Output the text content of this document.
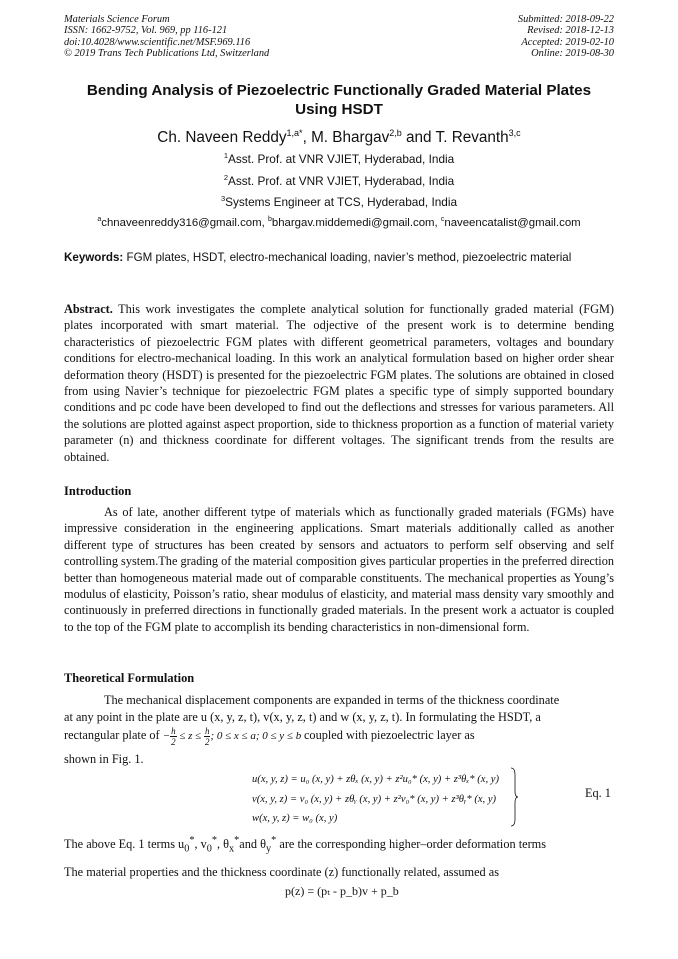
Materials Science Forum
ISSN: 1662-9752, Vol. 969, pp 116-121
doi:10.4028/www.scientific.net/MSF.969.116
© 2019 Trans Tech Publications Ltd, Switzerland
Submitted: 2018-09-22
Revised: 2018-12-13
Accepted: 2019-02-10
Online: 2019-08-30
Bending Analysis of Piezoelectric Functionally Graded Material Plates
Using HSDT
Ch. Naveen Reddy$^{1,a*}$, M. Bhargav$^{2,b}$ and T. Revanth$^{3,c}$
$^1$Asst. Prof. at VNR VJIET, Hyderabad, India
$^2$Asst. Prof. at VNR VJIET, Hyderabad, India
$^3$Systems Engineer at TCS, Hyderabad, India
$^a$chnaveenreddy316@gmail.com, $^b$bhargav.middemedi@gmail.com, $^c$naveencatalist@gmail.com
Keywords: FGM plates, HSDT, electro-mechanical loading, navier’s method, piezoelectric material
Abstract. This work investigates the complete analytical solution for functionally graded material (FGM) plates incorporated with smart material. The odjective of the present work is to determine bending characteristics of piezoelectric FGM plates with different geometrical parameters, voltages and boundary conditions for electro-mechanical loading. In this work an analytical formulation based on higher order shear deformation theory (HSDT) is presented for the piezoelectric FGM plates. The solutions are obtained in closed from using Navier’s technique for piezoelectric FGM plates a specific type of simply supported boundary conditions and pc code have been developed to find out the deflections and stresses for various parameters. All the solutions are plotted against aspect proportion, side to thickness proportion as a function of material variety parameter (n) and thickness coordinate for different voltages. The significant trends from the results are obtained.
Introduction
As of late, another different tytpe of materials which as functionally graded materials (FGMs) have impressive consideration in the engineering applications. Smart materials additionally called as another different type of structures has been created by sensors and actuators to perform self observing and self controlling system.The grading of the material composition gives particular properties in the preferred direction better than homogeneous material made out of comparable constituents. The mechanical properties as Young’s modulus of elasticity, Poisson’s ratio, shear modulus of elasticity, and material mass density vary smoothly and continuously in preferred directions in functionally graded materials. In the present work a actuator is coupled to the top of the FGM plate to accomplish its bending characteristics in non-dimensional form.
Theoretical Formulation
The mechanical displacement components are expanded in terms of the thickness coordinate
at any point in the plate are u (x, y, z, t), v(x, y, z, t) and w (x, y, z, t). In formulating the HSDT, a
rectangular plate of − $\frac{h}{2} \le z \le \frac{h}{2}$ ; 0 ≤ x ≤ a; 0 ≤ y ≤ b coupled with piezoelectric layer as
shown in Fig. 1.
u(x, y, z) = u₀ (x, y) + zθₓ (x, y) + z²u₀* (x, y) + z³θₓ* (x, y)
v(x, y, z) = v₀ (x, y) + zθᵧ (x, y) + z²v₀* (x, y) + z³θᵧ* (x, y)
w(x, y, z) = w₀ (x, y)
Eq. 1
The above Eq. 1 terms $u_0^*$, $v_0^*$, $\theta_x^*and$ $\theta_y^*$ are the corresponding higher–order deformation terms
The material properties and the thickness coordinate (z) functionally related, assumed as
p(z) = (pₜ - p_b)v + p_b
